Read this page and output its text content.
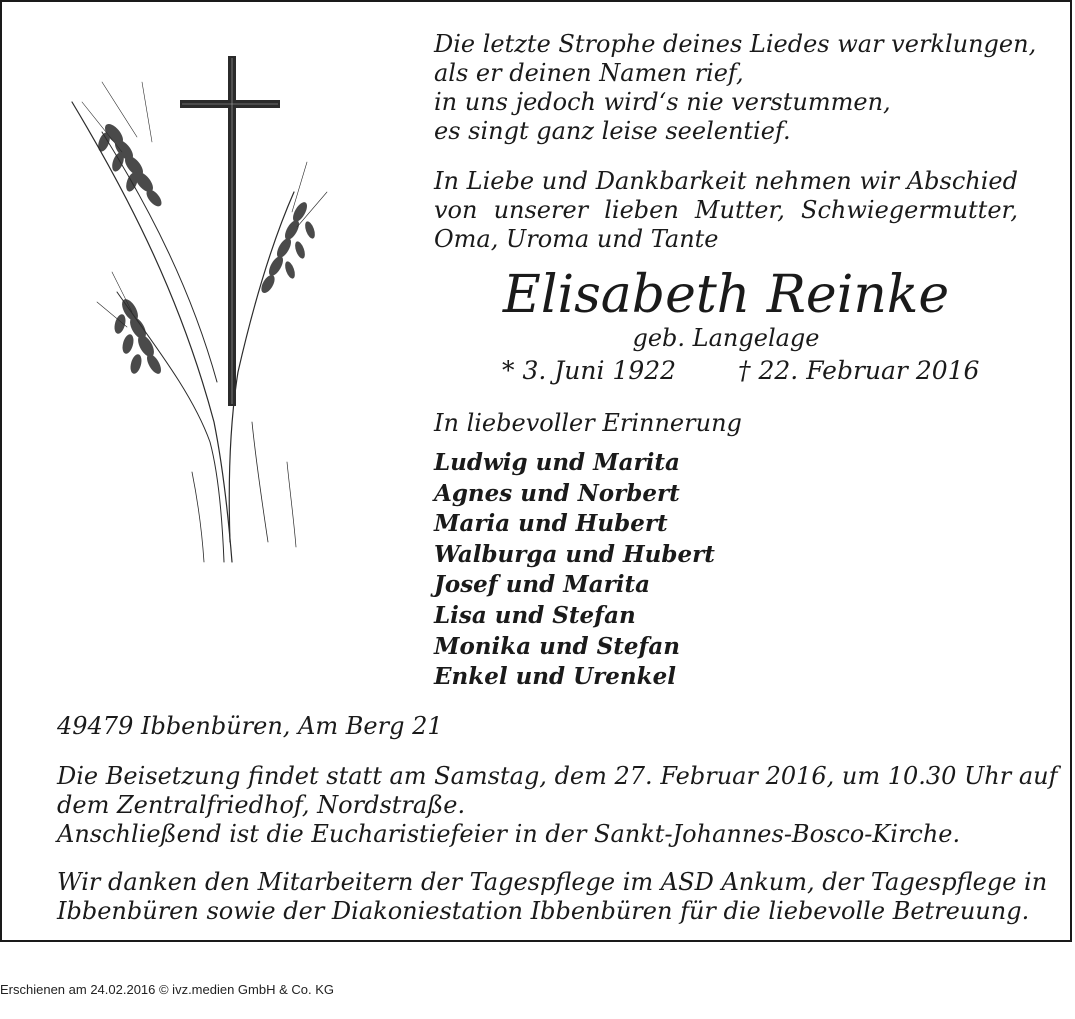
Die letzte Strophe deines Liedes war verklungen,
als er deinen Namen rief,
in uns jedoch wird‘s nie verstummen,
es singt ganz leise seelentief.
In Liebe und Dankbarkeit nehmen wir Abschied
von unserer lieben Mutter, Schwiegermutter,
Oma, Uroma und Tante
Elisabeth Reinke
geb. Langelage
* 3. Juni 1922 † 22. Februar 2016
In liebevoller Erinnerung
Ludwig und Marita
Agnes und Norbert
Maria und Hubert
Walburga und Hubert
Josef und Marita
Lisa und Stefan
Monika und Stefan
Enkel und Urenkel
49479 Ibbenbüren, Am Berg 21
Die Beisetzung findet statt am Samstag, dem 27. Februar 2016, um 10.30 Uhr auf
dem Zentralfriedhof, Nordstraße.
Anschließend ist die Eucharistiefeier in der Sankt-Johannes-Bosco-Kirche.
Wir danken den Mitarbeitern der Tagespflege im ASD Ankum, der Tagespflege in
Ibbenbüren sowie der Diakoniestation Ibbenbüren für die liebevolle Betreuung.
Erschienen am 24.02.2016 © ivz.medien GmbH & Co. KG
